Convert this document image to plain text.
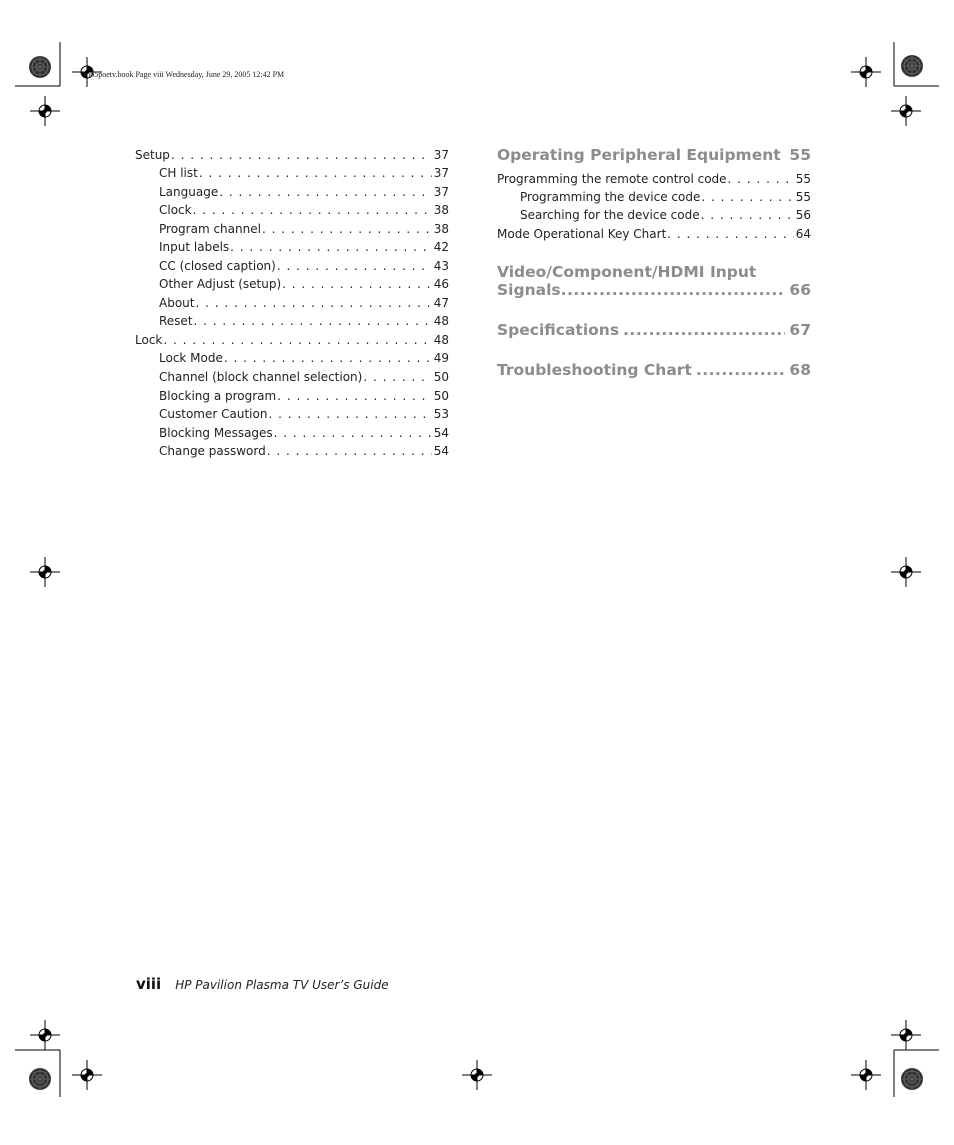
mb5poetv.book Page viii Wednesday, June 29, 2005 12:42 PM
Setup . . .	37
CH list . . .	37
Language . . .	37
Clock . . .	38
Program channel . . .	38
Input labels . . .	42
CC (closed caption) . . .	43
Other Adjust (setup) . . .	46
About . . .	47
Reset . . .	48
Lock . . .	48
Lock Mode . . .	49
Channel (block channel selection) . . .	50
Blocking a program . . .	50
Customer Caution . . .	53
Blocking Messages . . .	54
Change password . . .	54
Operating Peripheral Equipment ..... 55
Programming the remote control code . . .	55
Programming the device code . . .	55
Searching for the device code . . .	56
Mode Operational Key Chart . . .	64
Video/Component/HDMI Input
Signals .....	66
Specifications .....	67
Troubleshooting Chart .....	68
viii HP Pavilion Plasma TV User’s Guide
